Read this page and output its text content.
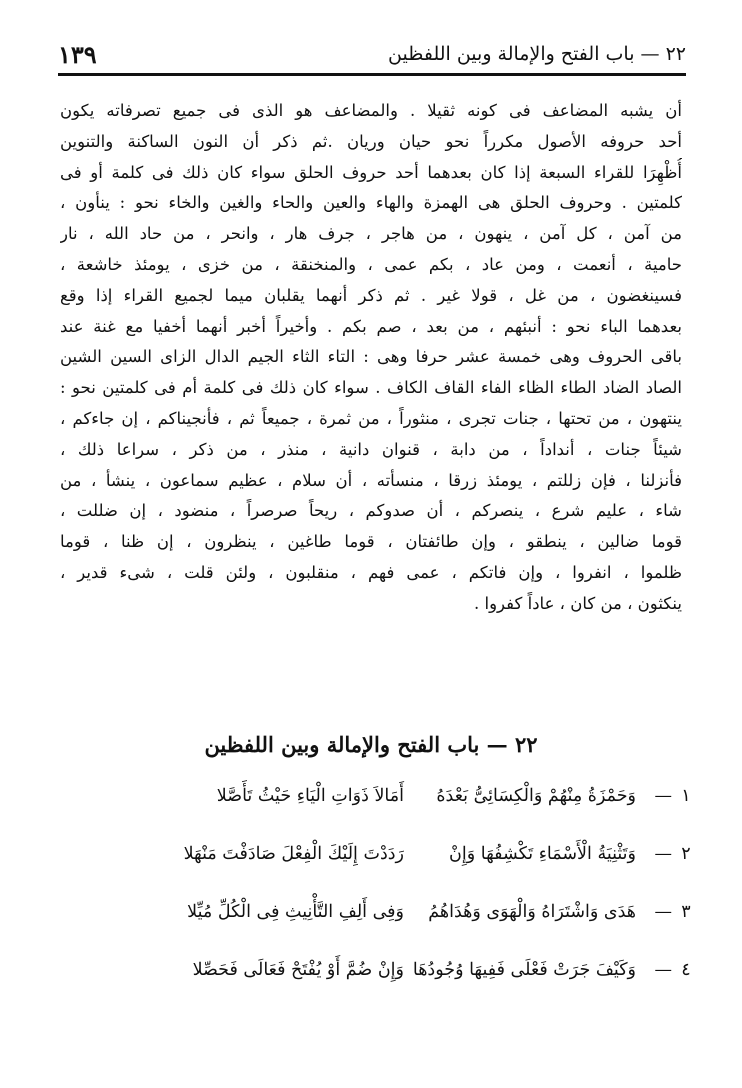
٢٢ — باب الفتح والإمالة وبين اللفظين
١٣٩
أن يشبه المضاعف فى كونه ثقيلا . والمضاعف هو الذى فى جميع تصرفاته يكون
أحد حروفه الأصول مكرراً نحو حيان وريان .ثم ذكر أن النون الساكنة والتنوين
أُظْهِرَا للقراء السبعة إذا كان بعدهما أحد حروف الحلق سواء كان ذلك فى كلمة أو فى
كلمتين . وحروف الحلق هى الهمزة والهاء والعين والحاء والغين والخاء نحو : ينأون ،
من آمن ، كل آمن ، ينهون ، من هاجر ، جرف هار ، وانحر ، من حاد الله ، نار
حامية ، أنعمت ، ومن عاد ، بكم عمى ، والمنخنقة ، من خزى ، يومئذ خاشعة ،
فسينغضون ، من غل ، قولا غير . ثم ذكر أنهما يقلبان ميما لجميع القراء إذا وقع
بعدهما الباء نحو : أنبئهم ، من بعد ، صم بكم . وأخيراً أخبر أنهما أخفيا مع غنة عند
باقى الحروف وهى خمسة عشر حرفا وهى : التاء الثاء الجيم الدال الزاى السين الشين
الصاد الضاد الطاء الظاء الفاء القاف الكاف . سواء كان ذلك فى كلمة أم فى كلمتين نحو :
ينتهون ، من تحتها ، جنات تجرى ، منثوراً ، من ثمرة ، جميعاً ثم ، فأنجيناكم ، إن جاءكم ،
شيئاً جنات ، أنداداً ، من دابة ، قنوان دانية ، منذر ، من ذكر ، سراعا ذلك ،
فأنزلنا ، فإن زللتم ، يومئذ زرقا ، منسأته ، أن سلام ، عظيم سماعون ، ينشأ ، من
شاء ، عليم شرع ، ينصركم ، أن صدوكم ، ريحاً صرصراً ، منضود ، إن ضللت ،
قوما ضالين ، ينطقو ، وإن طائفتان ، قوما طاغين ، ينظرون ، إن ظنا ، قوما
ظلموا ، انفروا ، وإن فاتكم ، عمى فهم ، منقلبون ، ولئن قلت ، شىء قدير ،
ينكثون ، من كان ، عاداً كفروا .
٢٢ — باب الفتح والإمالة وبين اللفظين
١
—
وَحَمْزَةُ مِنْهُمْ وَالْكِسَائِىُّ بَعْدَهُ
أَمَالاَ ذَوَاتِ الْيَاءِ حَيْثُ تَأَصَّلا
٢
—
وَتَثْنِيَةُ الْأَسْمَاءِ تَكْشِفُهَا وَإِنْ
رَدَدْتَ إِلَيْكَ الْفِعْلَ صَادَفْتَ مَنْهَلا
٣
—
هَدَى وَاشْتَرَاهُ وَالْهَوَى وَهُدَاهُمُ
وَفِى أَلِفِ التَّأْنِيثِ فِى الْكُلِّ مُيِّلا
٤
—
وَكَيْفَ جَرَتْ فَعْلَى فَفِيهَا وُجُودُهَا
وَإِنْ ضُمَّ أَوْ يُفْتَحْ فَعَالَى فَحَصِّلا
